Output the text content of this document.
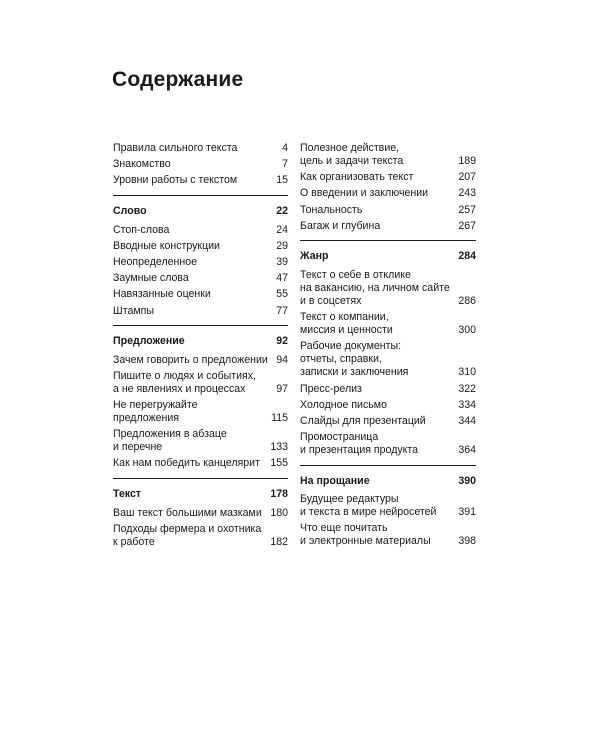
Содержание
Правила сильного текста	4
Знакомство	7
Уровни работы с текстом	15
Слово	22
Стоп-слова	24
Вводные конструкции	29
Неопределенное	39
Заумные слова	47
Навязанные оценки	55
Штампы	77
Предложение	92
Зачем говорить о предложении 94
Пишите о людях и событиях,
а не явлениях и процессах	97
Не перегружайте предложения	115
Предложения в абзаце
и перечне	133
Как нам победить канцелярит 155
Текст	178
Ваш текст большими мазками 180
Подходы фермера и охотника
к работе	182
Полезное действие,
цель и задачи текста	189
Как организовать текст	207
О введении и заключении	243
Тональность	257
Багаж и глубина	267
Жанр	284
Текст о себе в отклике
на вакансию, на личном сайте
и в соцсетях	286
Текст о компании,
миссия и ценности	300
Рабочие документы:
отчеты, справки,
записки и заключения	310
Пресс-релиз	322
Холодное письмо	334
Слайды для презентаций	344
Промостраница
и презентация продукта	364
На прощание	390
Будущее редактуры
и текста в мире нейросетей	391
Что еще почитать
и электронные материалы	398
